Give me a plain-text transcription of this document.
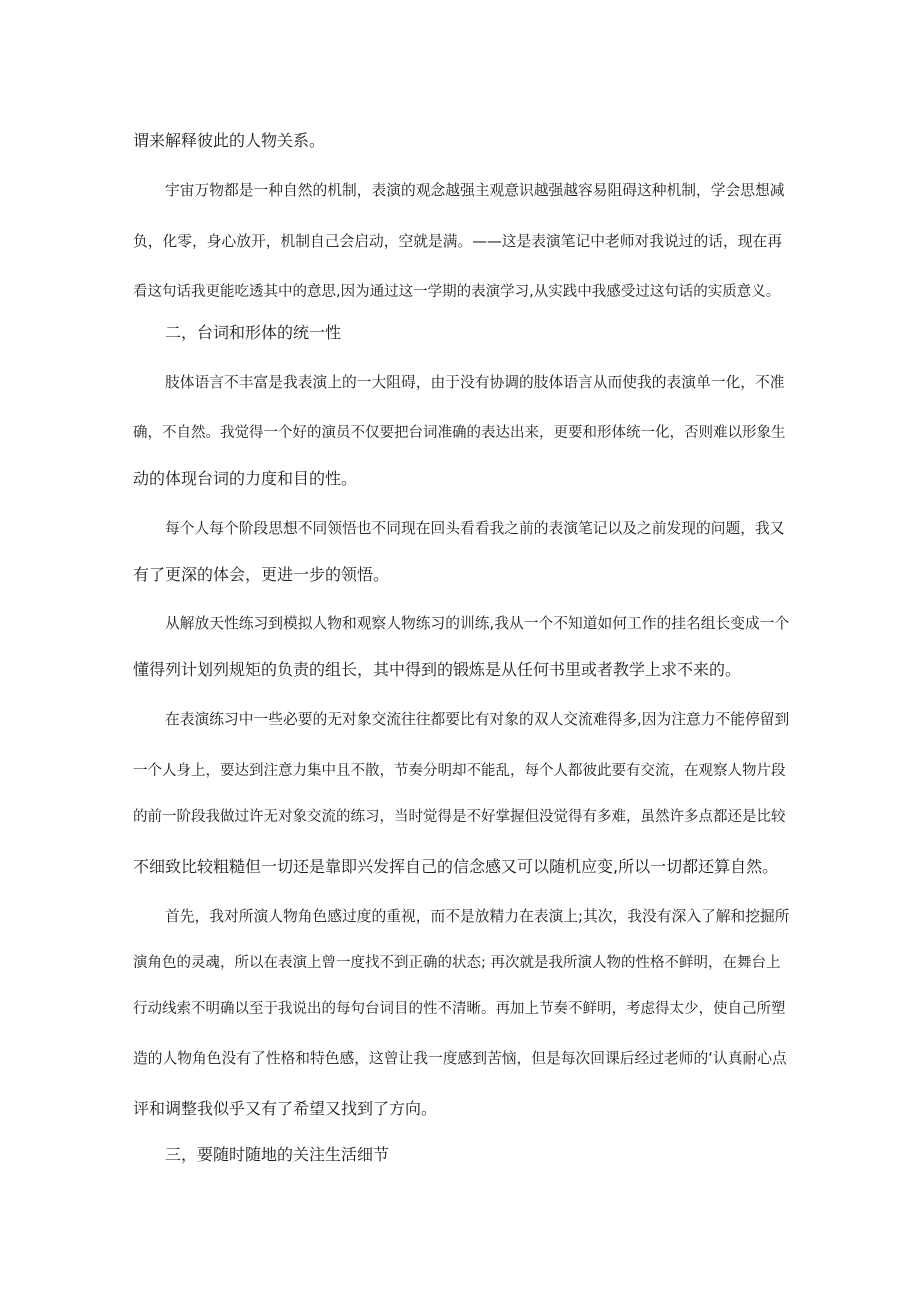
谓来解释彼此的人物关系。

宇宙万物都是一种自然的机制，表演的观念越强主观意识越强越容易阻碍这种机制，学会思想减

负，化零，身心放开，机制自己会启动，空就是满。——这是表演笔记中老师对我说过的话，现在再

看这句话我更能吃透其中的意思,因为通过这一学期的表演学习,从实践中我感受过这句话的实质意义。

二，台词和形体的统一性

肢体语言不丰富是我表演上的一大阻碍，由于没有协调的肢体语言从而使我的表演单一化，不准

确，不自然。我觉得一个好的演员不仅要把台词准确的表达出来，更要和形体统一化，否则难以形象生

动的体现台词的力度和目的性。

每个人每个阶段思想不同领悟也不同现在回头看看我之前的表演笔记以及之前发现的问题，我又

有了更深的体会，更进一步的领悟。

从解放天性练习到模拟人物和观察人物练习的训练,我从一个不知道如何工作的挂名组长变成一个

懂得列计划列规矩的负责的组长，其中得到的锻炼是从任何书里或者教学上求不来的。

在表演练习中一些必要的无对象交流往往都要比有对象的双人交流难得多,因为注意力不能停留到

一个人身上，要达到注意力集中且不散，节奏分明却不能乱，每个人都彼此要有交流，在观察人物片段

的前一阶段我做过许无对象交流的练习，当时觉得是不好掌握但没觉得有多难，虽然许多点都还是比较

不细致比较粗糙但一切还是靠即兴发挥自己的信念感又可以随机应变,所以一切都还算自然。

首先，我对所演人物角色感过度的重视，而不是放精力在表演上;其次，我没有深入了解和挖掘所

演角色的灵魂，所以在表演上曾一度找不到正确的状态; 再次就是我所演人物的性格不鲜明，在舞台上

行动线索不明确以至于我说出的每句台词目的性不清晰。再加上节奏不鲜明，考虑得太少，使自己所塑

造的人物角色没有了性格和特色感，这曾让我一度感到苦恼，但是每次回课后经过老师的‘认真耐心点

评和调整我似乎又有了希望又找到了方向。

三，要随时随地的关注生活细节
